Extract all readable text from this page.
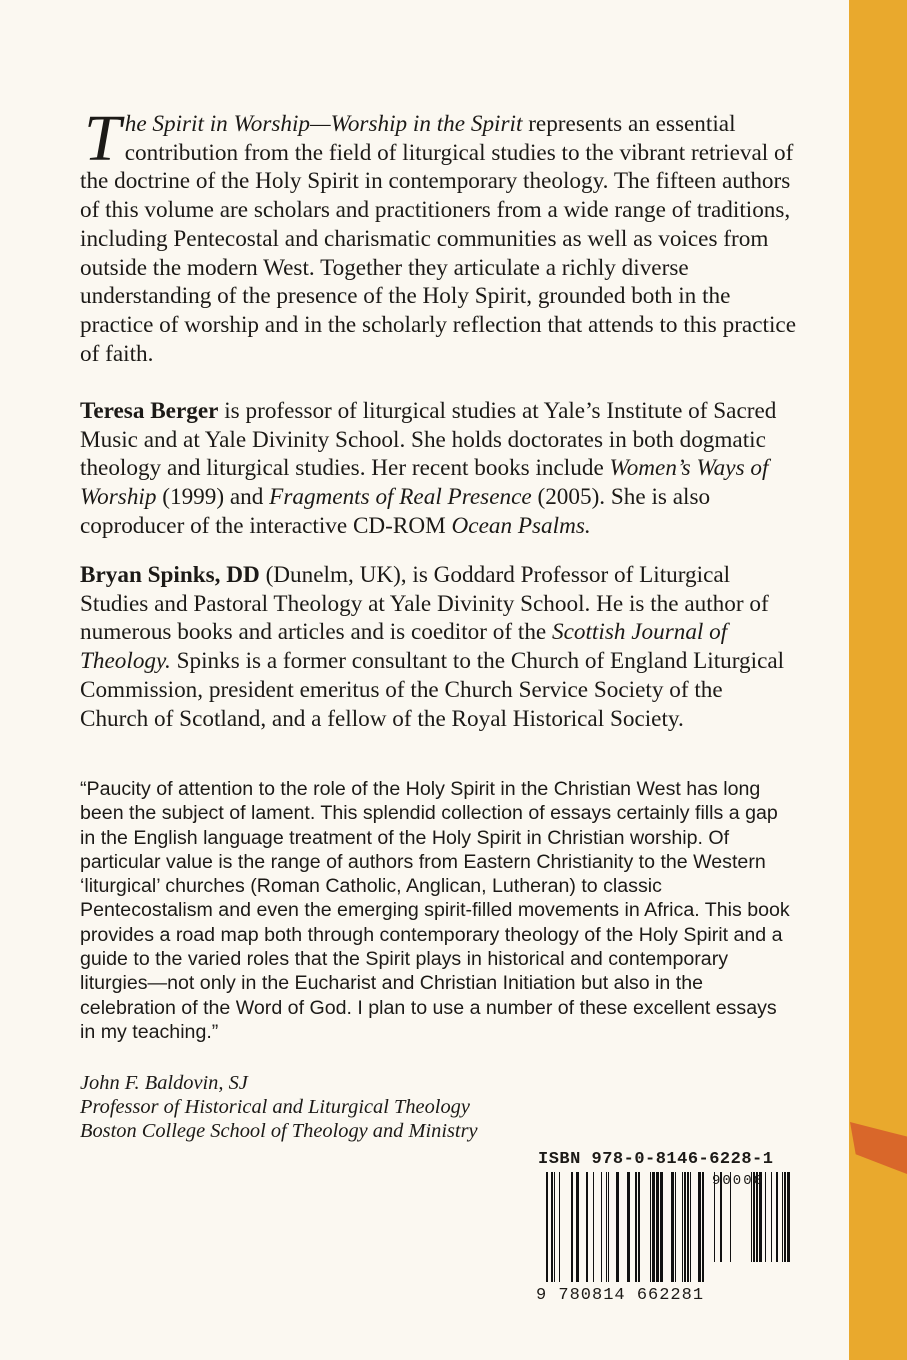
The Spirit in Worship—Worship in the Spirit represents an essential contribution from the field of liturgical studies to the vibrant retrieval of the doctrine of the Holy Spirit in contemporary theology. The fifteen authors of this volume are scholars and practitioners from a wide range of traditions, including Pentecostal and charismatic communities as well as voices from outside the modern West. Together they articulate a richly diverse understanding of the presence of the Holy Spirit, grounded both in the practice of worship and in the scholarly reflection that attends to this practice of faith.
Teresa Berger is professor of liturgical studies at Yale’s Institute of Sacred Music and at Yale Divinity School. She holds doctorates in both dogmatic theology and liturgical studies. Her recent books include Women’s Ways of Worship (1999) and Fragments of Real Presence (2005). She is also coproducer of the interactive CD-ROM Ocean Psalms.
Bryan Spinks, DD (Dunelm, UK), is Goddard Professor of Liturgical Studies and Pastoral Theology at Yale Divinity School. He is the author of numerous books and articles and is coeditor of the Scottish Journal of Theology. Spinks is a former consultant to the Church of England Liturgical Commission, president emeritus of the Church Service Society of the Church of Scotland, and a fellow of the Royal Historical Society.
“Paucity of attention to the role of the Holy Spirit in the Christian West has long been the subject of lament. This splendid collection of essays certainly fills a gap in the English language treatment of the Holy Spirit in Christian worship. Of particular value is the range of authors from Eastern Christianity to the Western ‘liturgical’ churches (Roman Catholic, Anglican, Lutheran) to classic Pentecostalism and even the emerging spirit-filled movements in Africa. This book provides a road map both through contemporary theology of the Holy Spirit and a guide to the varied roles that the Spirit plays in historical and contemporary liturgies—not only in the Eucharist and Christian Initiation but also in the celebration of the Word of God. I plan to use a number of these excellent essays in my teaching.”
John F. Baldovin, SJ
Professor of Historical and Liturgical Theology
Boston College School of Theology and Ministry
ISBN 978-0-8146-6228-1
90000
9 780814 662281
